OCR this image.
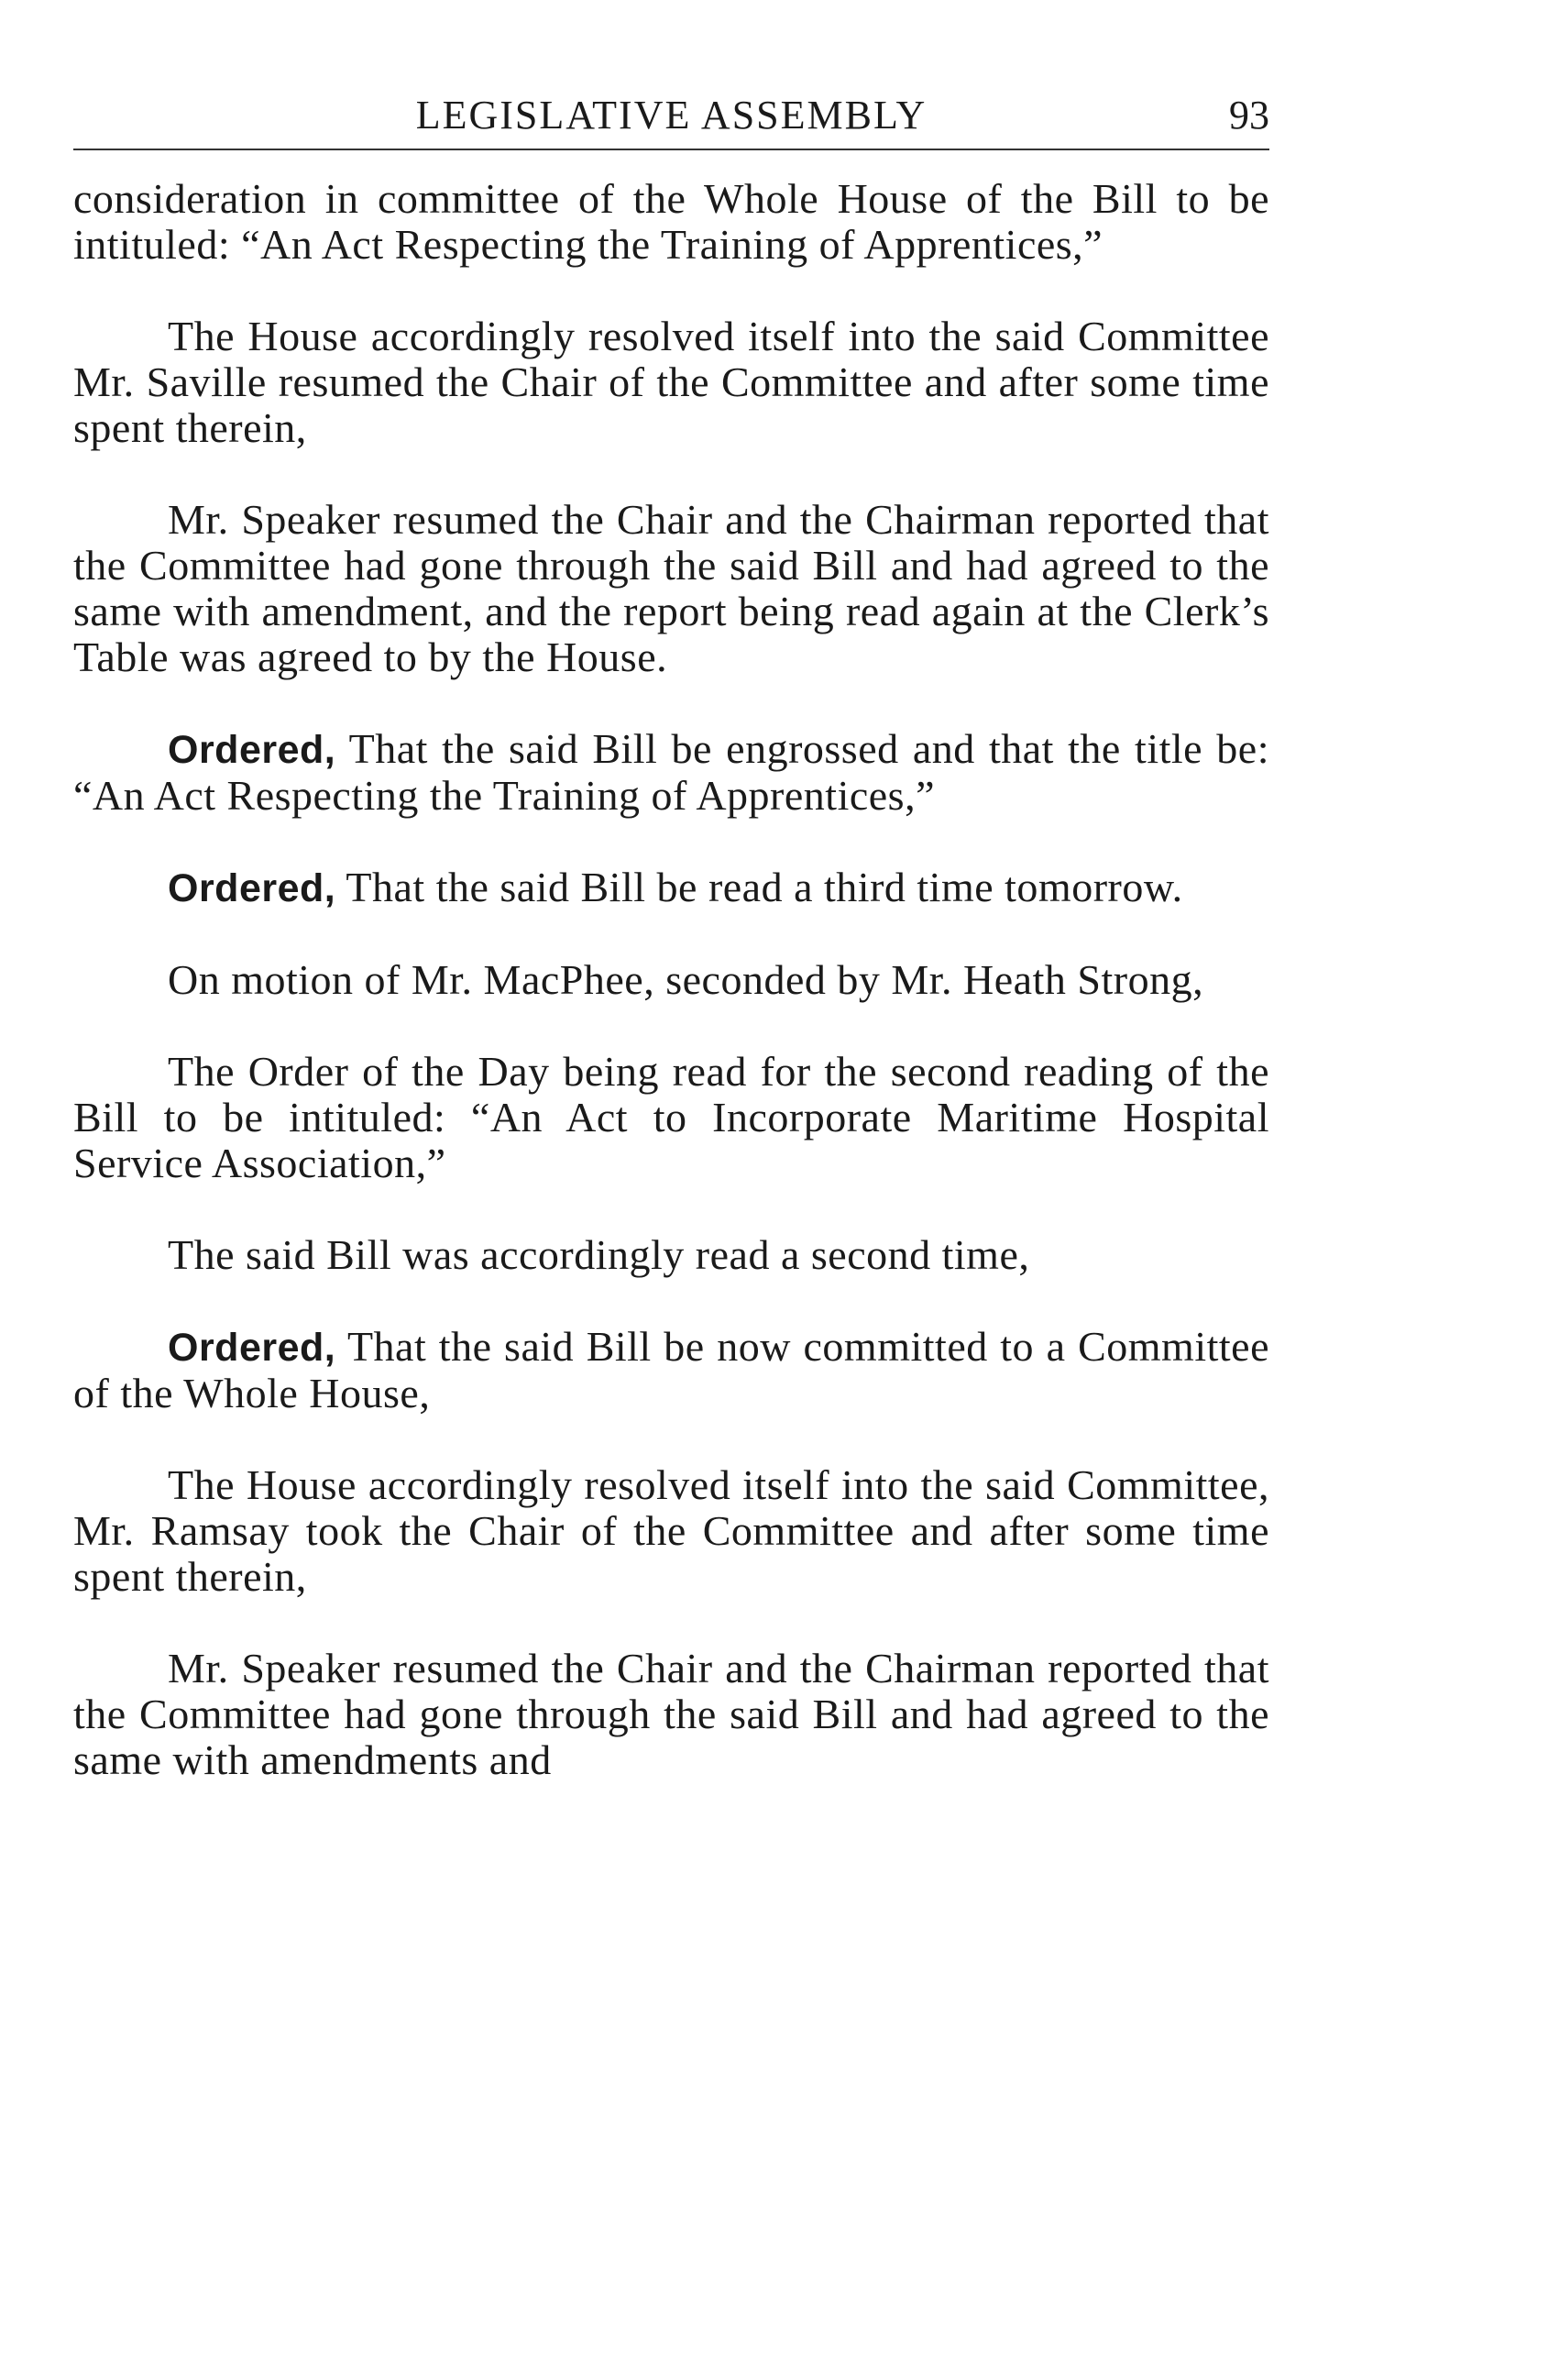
LEGISLATIVE ASSEMBLY	93

consideration in committee of the Whole House of the Bill to be intituled: “An Act Respecting the Training of Apprentices,”

The House accordingly resolved itself into the said Committee Mr. Saville resumed the Chair of the Committee and after some time spent therein,

Mr. Speaker resumed the Chair and the Chairman reported that the Committee had gone through the said Bill and had agreed to the same with amendment, and the report being read again at the Clerk’s Table was agreed to by the House.

Ordered, That the said Bill be engrossed and that the title be: “An Act Respecting the Training of Apprentices,”

Ordered, That the said Bill be read a third time tomorrow.

On motion of Mr. MacPhee, seconded by Mr. Heath Strong,

The Order of the Day being read for the second reading of the Bill to be intituled: “An Act to Incorporate Maritime Hospital Service Association,”

The said Bill was accordingly read a second time,

Ordered, That the said Bill be now committed to a Committee of the Whole House,

The House accordingly resolved itself into the said Committee, Mr. Ramsay took the Chair of the Committee and after some time spent therein,

Mr. Speaker resumed the Chair and the Chairman reported that the Committee had gone through the said Bill and had agreed to the same with amendments and
